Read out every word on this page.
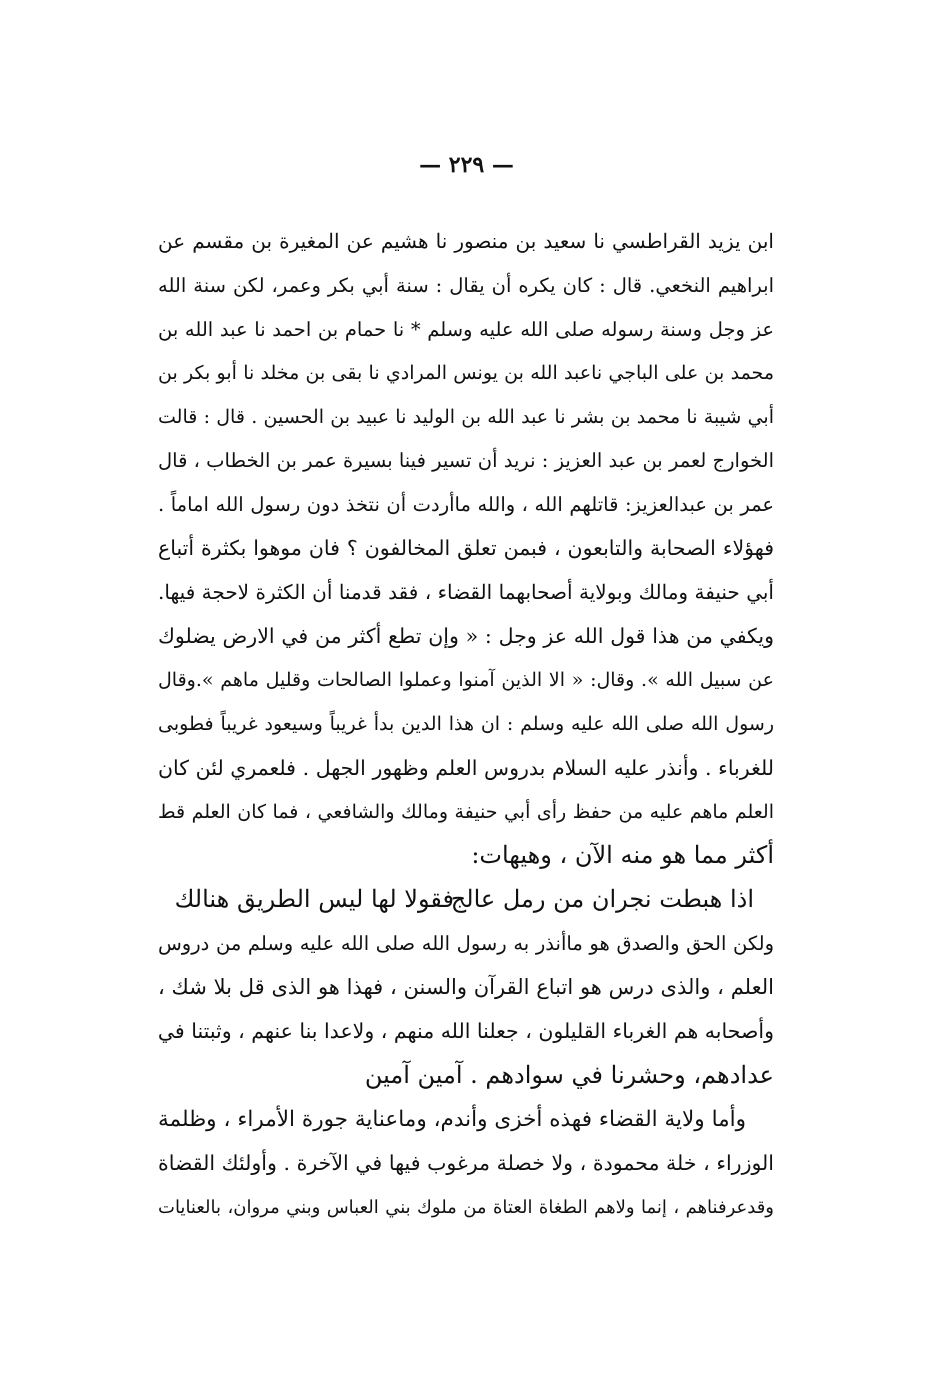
— ٢٢٩ —
ابن يزيد القراطسي نا سعيد بن منصور نا هشيم عن المغيرة بن مقسم عن
ابراهيم النخعي. قال : كان يكره أن يقال : سنة أبي بكر وعمر، لكن سنة الله
عز وجل وسنة رسوله صلى الله عليه وسلم * نا حمام بن احمد نا عبد الله بن
محمد بن على الباجي ناعبد الله بن يونس المرادي نا بقى بن مخلد نا أبو بكر بن
أبي شيبة نا محمد بن بشر نا عبد الله بن الوليد نا عبيد بن الحسين . قال : قالت
الخوارج لعمر بن عبد العزيز : نريد أن تسير فينا بسيرة عمر بن الخطاب ، قال
عمر بن عبدالعزيز: قاتلهم الله ، والله ماأردت أن نتخذ دون رسول الله اماماً .
فهؤلاء الصحابة والتابعون ، فبمن تعلق المخالفون ؟ فان موهوا بكثرة أتباع
أبي حنيفة ومالك وبولاية أصحابهما القضاء ، فقد قدمنا أن الكثرة لاحجة فيها.
ويكفي من هذا قول الله عز وجل : « وإن تطع أكثر من في الارض يضلوك
عن سبيل الله ». وقال: « الا الذين آمنوا وعملوا الصالحات وقليل ماهم ».وقال
رسول الله صلى الله عليه وسلم : ان هذا الدين بدأ غريباً وسيعود غريباً فطوبى
للغرباء . وأنذر عليه السلام بدروس العلم وظهور الجهل . فلعمري لئن كان
العلم ماهم عليه من حفظ رأى أبي حنيفة ومالك والشافعي ، فما كان العلم قط
أكثر مما هو منه الآن ، وهيهات:
اذا هبطت نجران من رمل عالج
فقولا لها ليس الطريق هنالك
ولكن الحق والصدق هو ماأنذر به رسول الله صلى الله عليه وسلم من دروس
العلم ، والذى درس هو اتباع القرآن والسنن ، فهذا هو الذى قل بلا شك ،
وأصحابه هم الغرباء القليلون ، جعلنا الله منهم ، ولاعدا بنا عنهم ، وثبتنا في
عدادهم، وحشرنا في سوادهم . آمين آمين
وأما ولاية القضاء فهذه أخزى وأندم، وماعناية جورة الأمراء ، وظلمة
الوزراء ، خلة محمودة ، ولا خصلة مرغوب فيها في الآخرة . وأولئك القضاة
وقدعرفناهم ، إنما ولاهم الطغاة العتاة من ملوك بني العباس وبني مروان، بالعنايات
